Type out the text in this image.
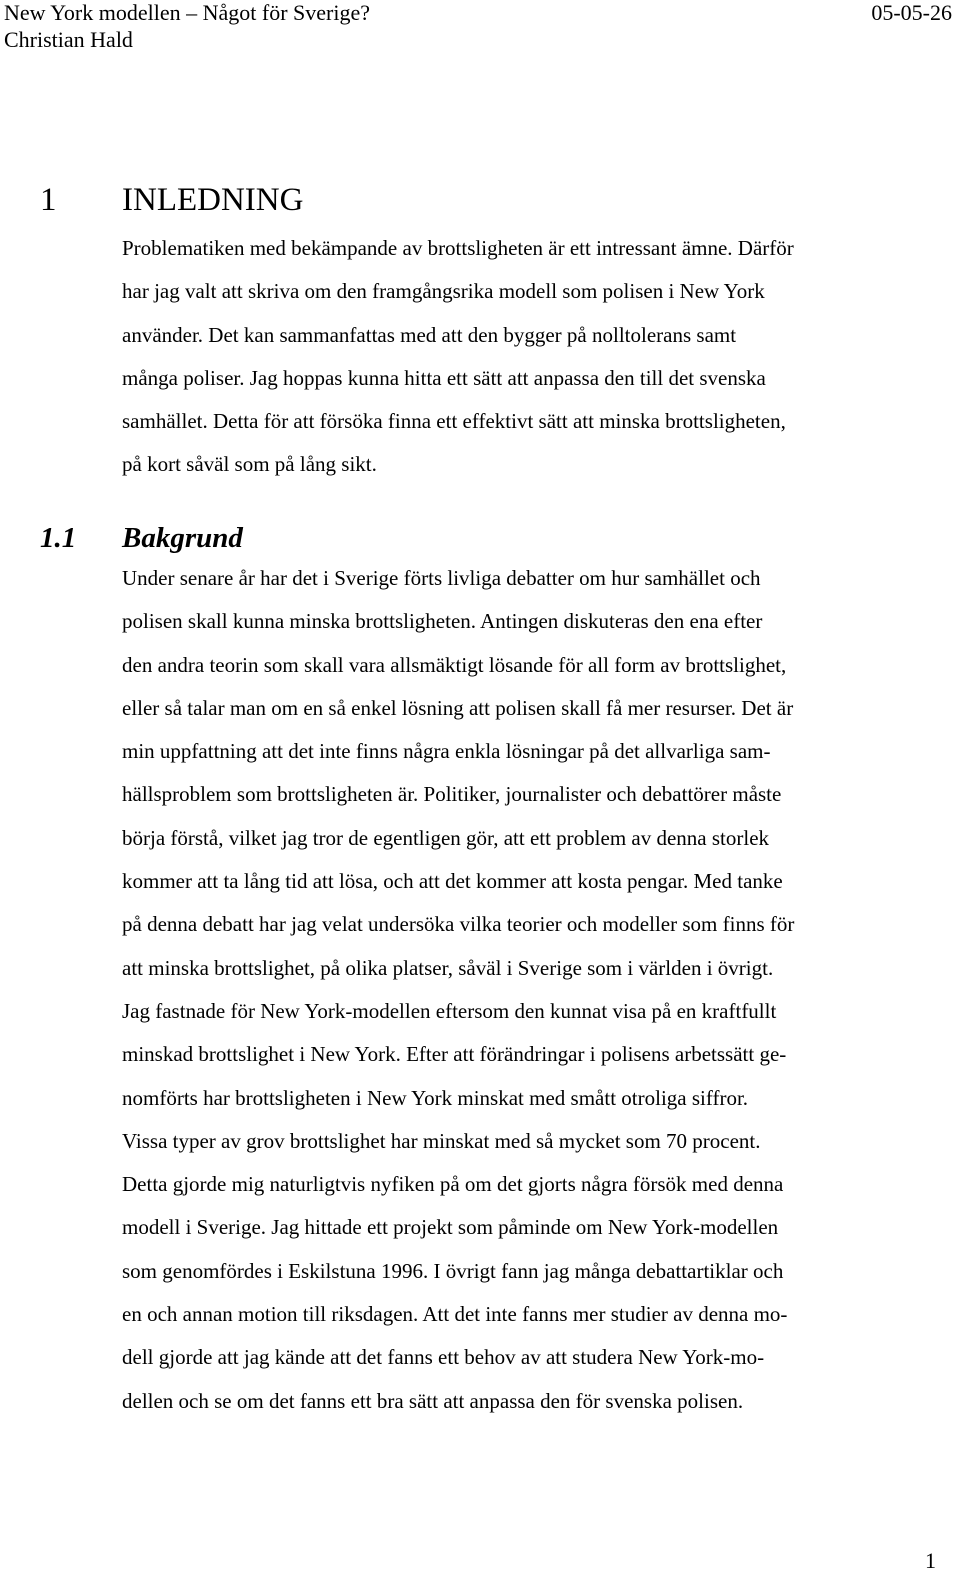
New York modellen – Något för Sverige?
Christian Hald
05-05-26
1 INLEDNING
Problematiken med bekämpande av brottsligheten är ett intressant ämne. Därför
har jag valt att skriva om den framgångsrika modell som polisen i New York
använder. Det kan sammanfattas med att den bygger på nolltolerans samt
många poliser. Jag hoppas kunna hitta ett sätt att anpassa den till det svenska
samhället. Detta för att försöka finna ett effektivt sätt att minska brottsligheten,
på kort såväl som på lång sikt.
1.1 Bakgrund
Under senare år har det i Sverige förts livliga debatter om hur samhället och
polisen skall kunna minska brottsligheten. Antingen diskuteras den ena efter
den andra teorin som skall vara allsmäktigt lösande för all form av brottslighet,
eller så talar man om en så enkel lösning att polisen skall få mer resurser. Det är
min uppfattning att det inte finns några enkla lösningar på det allvarliga sam-
hällsproblem som brottsligheten är. Politiker, journalister och debattörer måste
börja förstå, vilket jag tror de egentligen gör, att ett problem av denna storlek
kommer att ta lång tid att lösa, och att det kommer att kosta pengar. Med tanke
på denna debatt har jag velat undersöka vilka teorier och modeller som finns för
att minska brottslighet, på olika platser, såväl i Sverige som i världen i övrigt.
Jag fastnade för New York-modellen eftersom den kunnat visa på en kraftfullt
minskad brottslighet i New York. Efter att förändringar i polisens arbetssätt ge-
nomförts har brottsligheten i New York minskat med smått otroliga siffror.
Vissa typer av grov brottslighet har minskat med så mycket som 70 procent.
Detta gjorde mig naturligtvis nyfiken på om det gjorts några försök med denna
modell i Sverige. Jag hittade ett projekt som påminde om New York-modellen
som genomfördes i Eskilstuna 1996. I övrigt fann jag många debattartiklar och
en och annan motion till riksdagen. Att det inte fanns mer studier av denna mo-
dell gjorde att jag kände att det fanns ett behov av att studera New York-mo-
dellen och se om det fanns ett bra sätt att anpassa den för svenska polisen.
1
